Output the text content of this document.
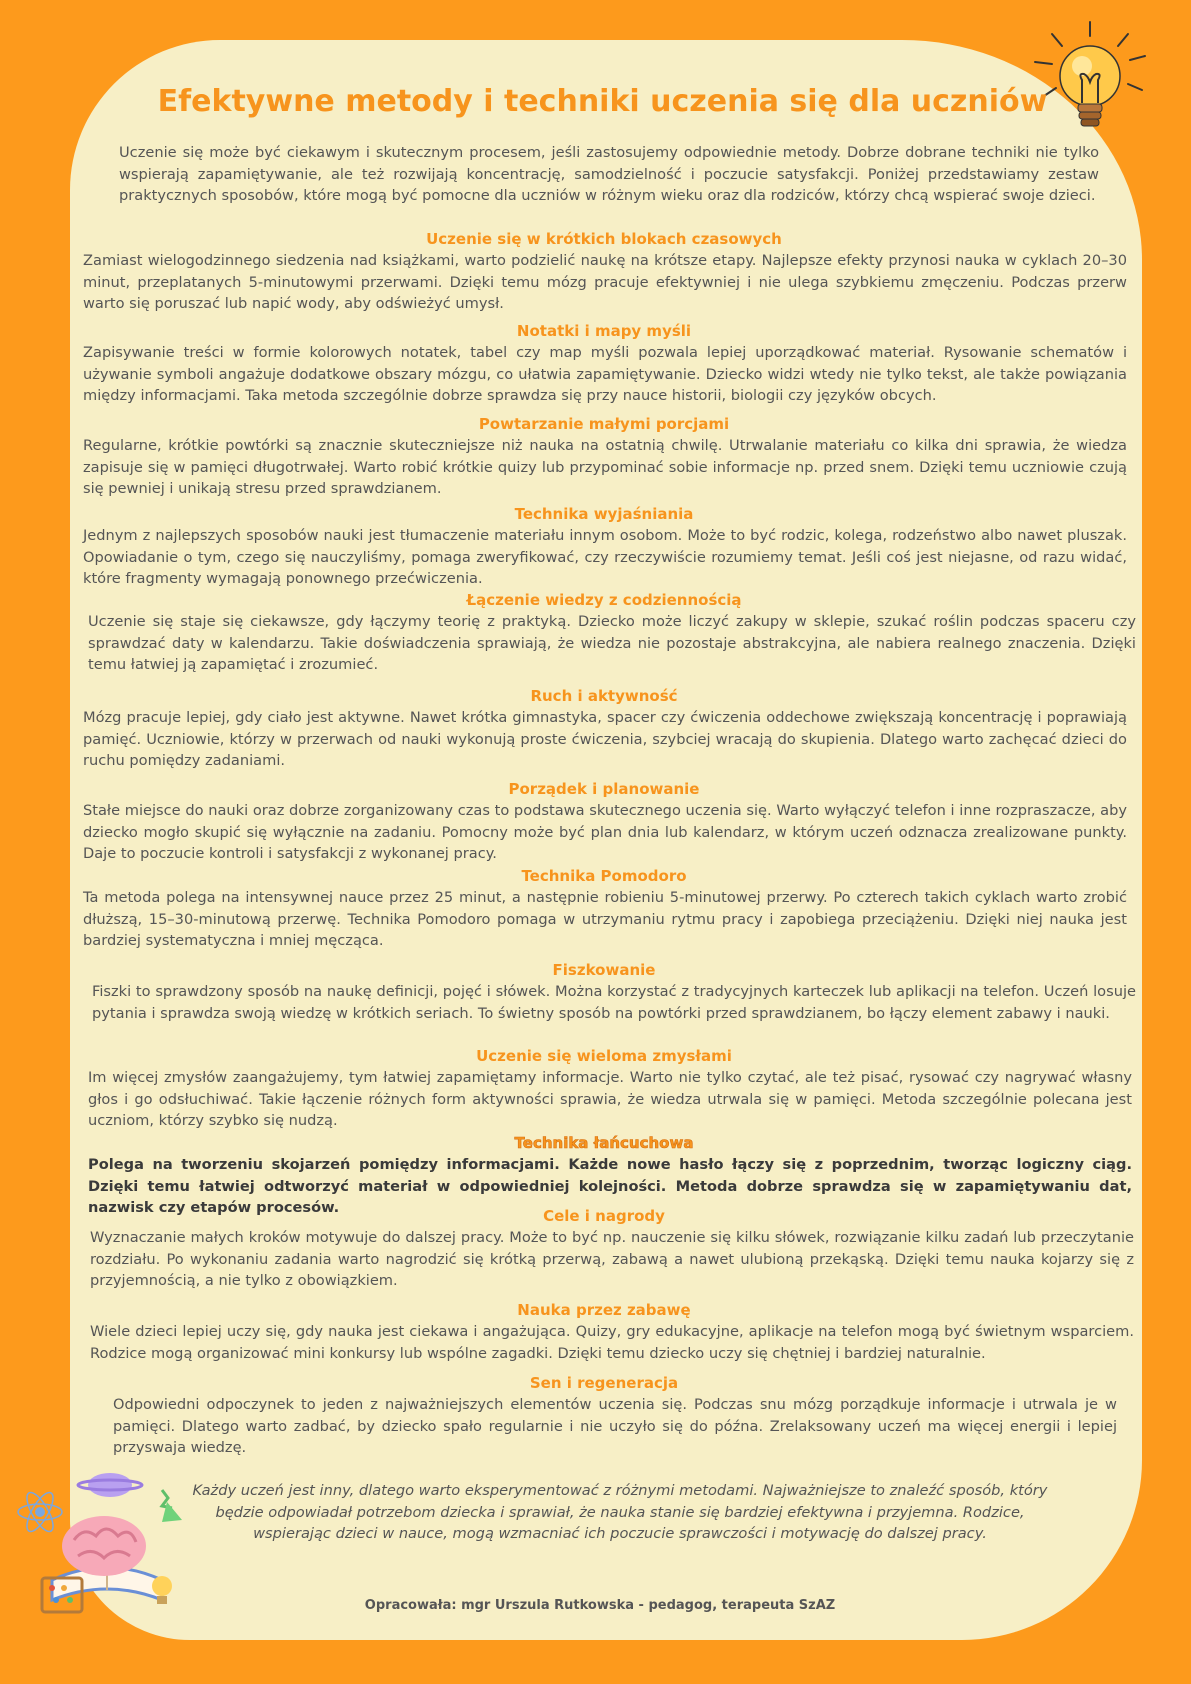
Efektywne metody i techniki uczenia się dla uczniów
Uczenie się może być ciekawym i skutecznym procesem, jeśli zastosujemy odpowiednie metody. Dobrze dobrane techniki nie tylko wspierają zapamiętywanie, ale też rozwijają koncentrację, samodzielność i poczucie satysfakcji. Poniżej przedstawiamy zestaw praktycznych sposobów, które mogą być pomocne dla uczniów w różnym wieku oraz dla rodziców, którzy chcą wspierać swoje dzieci.
Uczenie się w krótkich blokach czasowych
Zamiast wielogodzinnego siedzenia nad książkami, warto podzielić naukę na krótsze etapy. Najlepsze efekty przynosi nauka w cyklach 20–30 minut, przeplatanych 5-minutowymi przerwami. Dzięki temu mózg pracuje efektywniej i nie ulega szybkiemu zmęczeniu. Podczas przerw warto się poruszać lub napić wody, aby odświeżyć umysł.
Notatki i mapy myśli
Zapisywanie treści w formie kolorowych notatek, tabel czy map myśli pozwala lepiej uporządkować materiał. Rysowanie schematów i używanie symboli angażuje dodatkowe obszary mózgu, co ułatwia zapamiętywanie. Dziecko widzi wtedy nie tylko tekst, ale także powiązania między informacjami. Taka metoda szczególnie dobrze sprawdza się przy nauce historii, biologii czy języków obcych.
Powtarzanie małymi porcjami
Regularne, krótkie powtórki są znacznie skuteczniejsze niż nauka na ostatnią chwilę. Utrwalanie materiału co kilka dni sprawia, że wiedza zapisuje się w pamięci długotrwałej. Warto robić krótkie quizy lub przypominać sobie informacje np. przed snem. Dzięki temu uczniowie czują się pewniej i unikają stresu przed sprawdzianem.
Technika wyjaśniania
Jednym z najlepszych sposobów nauki jest tłumaczenie materiału innym osobom. Może to być rodzic, kolega, rodzeństwo albo nawet pluszak. Opowiadanie o tym, czego się nauczyliśmy, pomaga zweryfikować, czy rzeczywiście rozumiemy temat. Jeśli coś jest niejasne, od razu widać, które fragmenty wymagają ponownego przećwiczenia.
Łączenie wiedzy z codziennością
Uczenie się staje się ciekawsze, gdy łączymy teorię z praktyką. Dziecko może liczyć zakupy w sklepie, szukać roślin podczas spaceru czy sprawdzać daty w kalendarzu. Takie doświadczenia sprawiają, że wiedza nie pozostaje abstrakcyjna, ale nabiera realnego znaczenia. Dzięki temu łatwiej ją zapamiętać i zrozumieć.
Ruch i aktywność
Mózg pracuje lepiej, gdy ciało jest aktywne. Nawet krótka gimnastyka, spacer czy ćwiczenia oddechowe zwiększają koncentrację i poprawiają pamięć. Uczniowie, którzy w przerwach od nauki wykonują proste ćwiczenia, szybciej wracają do skupienia. Dlatego warto zachęcać dzieci do ruchu pomiędzy zadaniami.
Porządek i planowanie
Stałe miejsce do nauki oraz dobrze zorganizowany czas to podstawa skutecznego uczenia się. Warto wyłączyć telefon i inne rozpraszacze, aby dziecko mogło skupić się wyłącznie na zadaniu. Pomocny może być plan dnia lub kalendarz, w którym uczeń odznacza zrealizowane punkty. Daje to poczucie kontroli i satysfakcji z wykonanej pracy.
Technika Pomodoro
Ta metoda polega na intensywnej nauce przez 25 minut, a następnie robieniu 5-minutowej przerwy. Po czterech takich cyklach warto zrobić dłuższą, 15–30-minutową przerwę. Technika Pomodoro pomaga w utrzymaniu rytmu pracy i zapobiega przeciążeniu. Dzięki niej nauka jest bardziej systematyczna i mniej męcząca.
Fiszkowanie
Fiszki to sprawdzony sposób na naukę definicji, pojęć i słówek. Można korzystać z tradycyjnych karteczek lub aplikacji na telefon. Uczeń losuje pytania i sprawdza swoją wiedzę w krótkich seriach. To świetny sposób na powtórki przed sprawdzianem, bo łączy element zabawy i nauki.
Uczenie się wieloma zmysłami
Im więcej zmysłów zaangażujemy, tym łatwiej zapamiętamy informacje. Warto nie tylko czytać, ale też pisać, rysować czy nagrywać własny głos i go odsłuchiwać. Takie łączenie różnych form aktywności sprawia, że wiedza utrwala się w pamięci. Metoda szczególnie polecana jest uczniom, którzy szybko się nudzą.
Technika łańcuchowa
Polega na tworzeniu skojarzeń pomiędzy informacjami. Każde nowe hasło łączy się z poprzednim, tworząc logiczny ciąg. Dzięki temu łatwiej odtworzyć materiał w odpowiedniej kolejności. Metoda dobrze sprawdza się w zapamiętywaniu dat, nazwisk czy etapów procesów.	Cele i nagrody
Wyznaczanie małych kroków motywuje do dalszej pracy. Może to być np. nauczenie się kilku słówek, rozwiązanie kilku zadań lub przeczytanie rozdziału. Po wykonaniu zadania warto nagrodzić się krótką przerwą, zabawą a nawet ulubioną przekąską. Dzięki temu nauka kojarzy się z przyjemnością, a nie tylko z obowiązkiem.
Nauka przez zabawę
Wiele dzieci lepiej uczy się, gdy nauka jest ciekawa i angażująca. Quizy, gry edukacyjne, aplikacje na telefon mogą być świetnym wsparciem. Rodzice mogą organizować mini konkursy lub wspólne zagadki. Dzięki temu dziecko uczy się chętniej i bardziej naturalnie.
Sen i regeneracja
Odpowiedni odpoczynek to jeden z najważniejszych elementów uczenia się. Podczas snu mózg porządkuje informacje i utrwala je w pamięci. Dlatego warto zadbać, by dziecko spało regularnie i nie uczyło się do późna. Zrelaksowany uczeń ma więcej energii i lepiej przyswaja wiedzę.
Każdy uczeń jest inny, dlatego warto eksperymentować z różnymi metodami. Najważniejsze to znaleźć sposób, który będzie odpowiadał potrzebom dziecka i sprawiał, że nauka stanie się bardziej efektywna i przyjemna. Rodzice, wspierając dzieci w nauce, mogą wzmacniać ich poczucie sprawczości i motywację do dalszej pracy.
Opracowała: mgr Urszula Rutkowska - pedagog, terapeuta SzAZ
